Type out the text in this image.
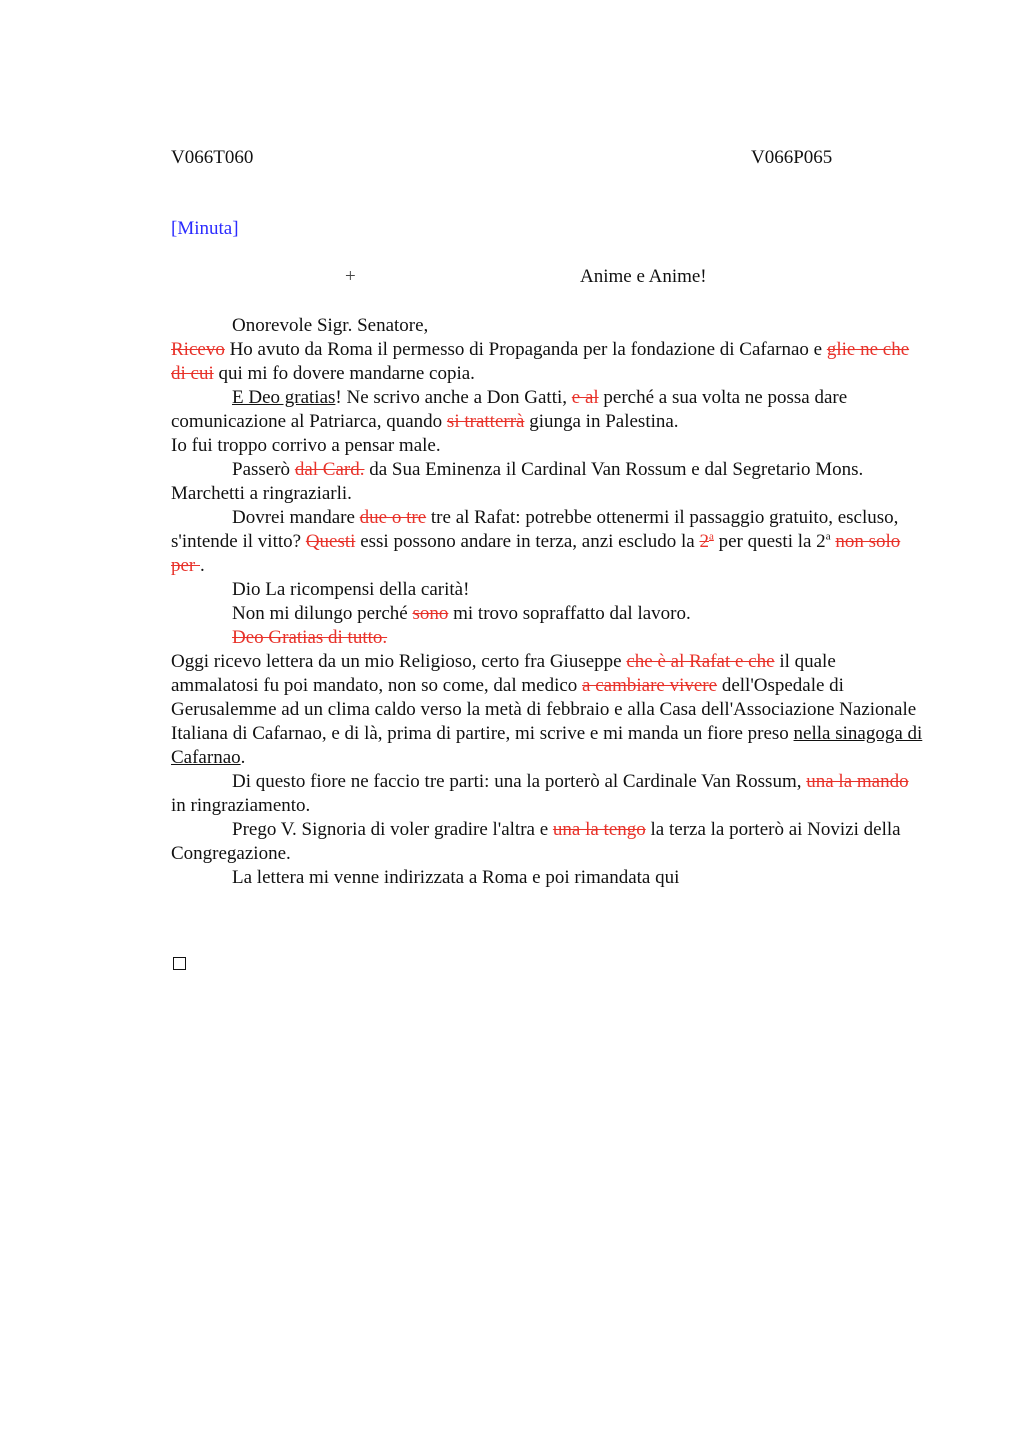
V066T060	V066P065
[Minuta]
+	Anime e Anime!

Onorevole Sigr. Senatore,

Ricevo Ho avuto da Roma il permesso di Propaganda per la fondazione di Cafarnao e glie ne che di cui qui mi fo dovere mandarne copia.

E Deo gratias! Ne scrivo anche a Don Gatti, e al perché a sua volta ne possa dare comunicazione al Patriarca, quando si tratterrà giunga in Palestina.

Io fui troppo corrivo a pensar male.

Passerò dal Card. da Sua Eminenza il Cardinal Van Rossum e dal Segretario Mons. Marchetti a ringraziarli.

Dovrei mandare due o tre tre al Rafat: potrebbe ottenermi il passaggio gratuito, escluso, s'intende il vitto? Questi essi possono andare in terza, anzi escludo la 2$^a$ per questi la 2$^a$ non solo per .

Dio La ricompensi della carità!

Non mi dilungo perché sono mi trovo sopraffatto dal lavoro.

Deo Gratias di tutto.

Oggi ricevo lettera da un mio Religioso, certo fra Giuseppe che è al Rafat e che il quale ammalatosi fu poi mandato, non so come, dal medico a cambiare vivere dell'Ospedale di Gerusalemme ad un clima caldo verso la metà di febbraio e alla Casa dell'Associazione Nazionale Italiana di Cafarnao, e di là, prima di partire, mi scrive e mi manda un fiore preso nella sinagoga di Cafarnao.

Di questo fiore ne faccio tre parti: una la porterò al Cardinale Van Rossum, una la mando in ringraziamento.

Prego V. Signoria di voler gradire l'altra e una la tengo la terza la porterò ai Novizi della

Congregazione.

La lettera mi venne indirizzata a Roma e poi rimandata qui
